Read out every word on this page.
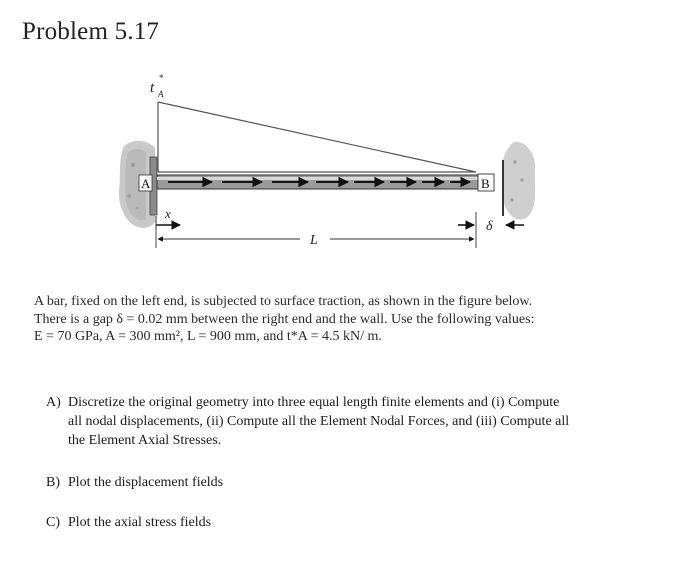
Problem 5.17
t
*
A
A	B
x
L
δ
A bar, fixed on the left end, is subjected to surface traction, as shown in the figure below.
There is a gap δ = 0.02 mm between the right end and the wall. Use the following values:
E = 70 GPa, A = 300 mm², L = 900 mm, and t*A = 4.5 kN/ m.
A) Discretize the original geometry into three equal length finite elements and (i) Compute
all nodal displacements, (ii) Compute all the Element Nodal Forces, and (iii) Compute all
the Element Axial Stresses.
B) Plot the displacement fields
C) Plot the axial stress fields
